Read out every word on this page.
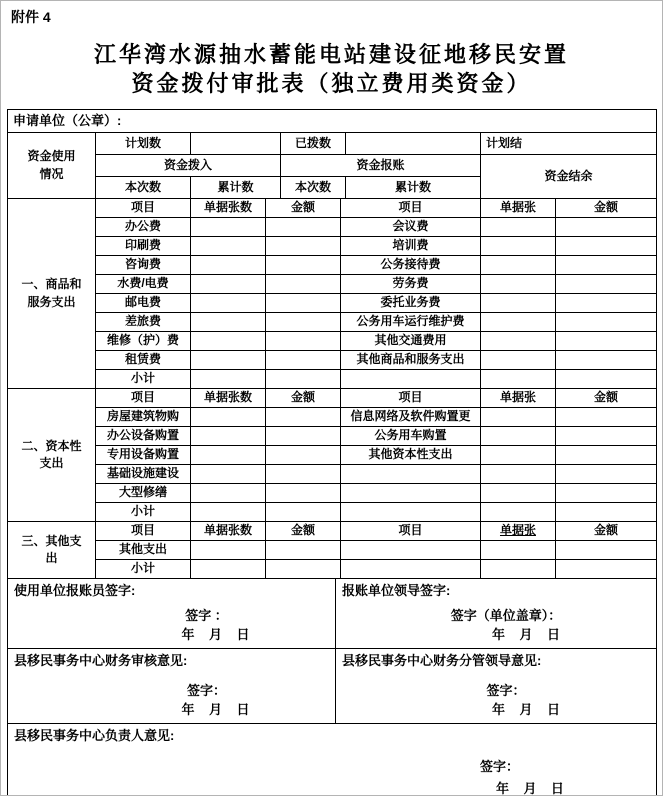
附件 4
江华湾水源抽水蓄能电站建设征地移民安置
资金拨付审批表（独立费用类资金）
申请单位（公章）:
资金使用情况	计划数		已拨数		计划结
	资金拨入		资金报账		资金结余
	本次数	累计数	本次数	累计数	
一、商品和服务支出	项目	单据张数	金额	项目	单据张	金额
	办公费			会议费		
	印刷费			培训费		
	咨询费			公务接待费		
	水费/电费			劳务费		
	邮电费			委托业务费		
	差旅费			公务用车运行维护费		
	维修（护）费			其他交通费用		
	租赁费			其他商品和服务支出		
	小计					
二、资本性支出	项目	单据张数	金额	项目	单据张	金额
	房屋建筑物购			信息网络及软件购置更		
	办公设备购置			公务用车购置		
	专用设备购置			其他资本性支出		
	基础设施建设					
	大型修缮					
	小计					
三、其他支出	项目	单据张数	金额	项目	单据张	金额
	其他支出					
	小计					
使用单位报账员签字:
签字 ：
年    月    日

报账单位领导签字:
签字（单位盖章）：
年    月    日
县移民事务中心财务审核意见:
签字：
年    月    日

县移民事务中心财务分管领导意见:
签字：
年    月    日
县移民事务中心负责人意见:
签字：
年    月    日
